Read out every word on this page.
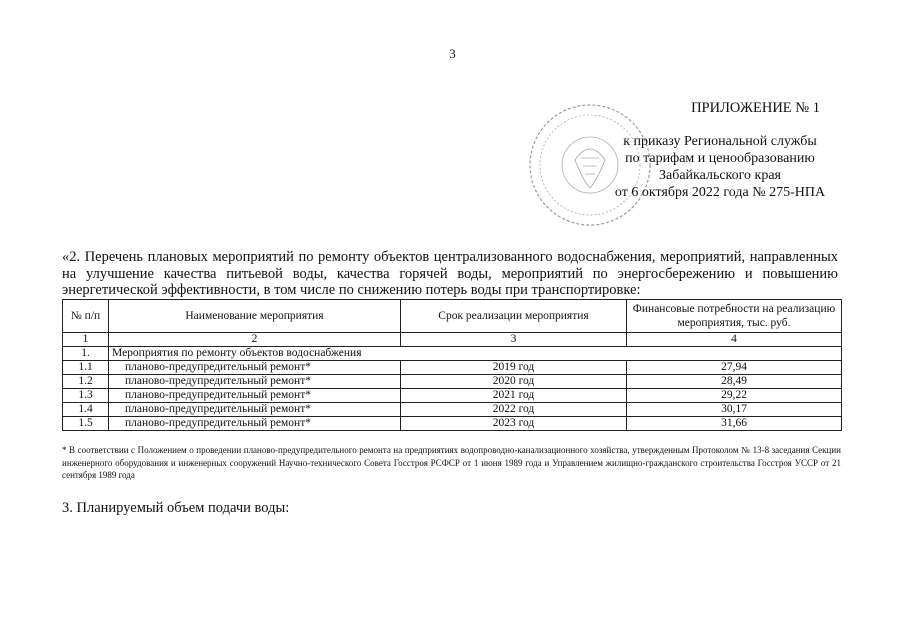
3
ПРИЛОЖЕНИЕ № 1
к приказу Региональной службы
по тарифам и ценообразованию
Забайкальского края
от 6 октября 2022 года № 275-НПА
«2. Перечень плановых мероприятий по ремонту объектов централизованного водоснабжения, мероприятий, направленных на улучшение качества питьевой воды, качества горячей воды, мероприятий по энергосбережению и повышению энергетической эффективности, в том числе по снижению потерь воды при транспортировке:
№ п/п	Наименование мероприятия	Срок реализации мероприятия	Финансовые потребности на реализацию мероприятия, тыс. руб.
1	2	3	4
1.	Мероприятия по ремонту объектов водоснабжения		
1.1	планово-предупредительный ремонт*	2019 год	27,94
1.2	планово-предупредительный ремонт*	2020 год	28,49
1.3	планово-предупредительный ремонт*	2021 год	29,22
1.4	планово-предупредительный ремонт*	2022 год	30,17
1.5	планово-предупредительный ремонт*	2023 год	31,66
* В соответствии с Положением о проведении планово-предупредительного ремонта на предприятиях водопроводно-канализационного хозяйства, утвержденным Протоколом № 13-8 заседания Секции инженерного оборудования и инженерных сооружений Научно-технического Совета Госстроя РСФСР от 1 июня 1989 года и Управлением жилищно-гражданского строительства Госстроя УССР от 21 сентября 1989 года
3. Планируемый объем подачи воды:
